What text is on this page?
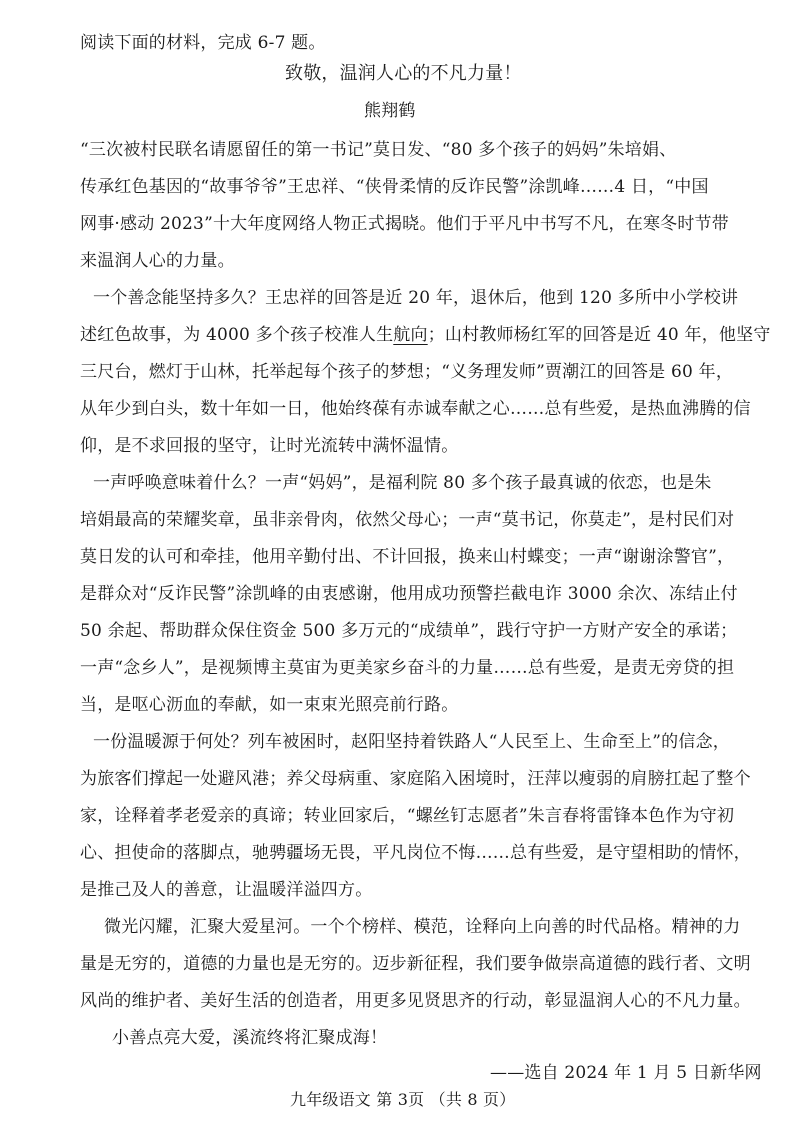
阅读下面的材料，完成 6-7 题。
致敬，温润人心的不凡力量！
熊翔鹤
“三次被村民联名请愿留任的第一书记”莫日发、“80 多个孩子的妈妈”朱培娟、
传承红色基因的“故事爷爷”王忠祥、“侠骨柔情的反诈民警”涂凯峰……4 日，“中国
网事·感动 2023”十大年度网络人物正式揭晓。他们于平凡中书写不凡，在寒冬时节带
来温润人心的力量。
一个善念能坚持多久？王忠祥的回答是近 20 年，退休后，他到 120 多所中小学校讲
述红色故事，为 4000 多个孩子校准人生航向；山村教师杨红军的回答是近 40 年，他坚守
三尺台，燃灯于山林，托举起每个孩子的梦想；“义务理发师”贾潮江的回答是 60 年，
从年少到白头，数十年如一日，他始终葆有赤诚奉献之心……总有些爱，是热血沸腾的信
仰，是不求回报的坚守，让时光流转中满怀温情。
一声呼唤意味着什么？一声“妈妈”，是福利院 80 多个孩子最真诚的依恋，也是朱
培娟最高的荣耀奖章，虽非亲骨肉，依然父母心；一声“莫书记，你莫走”，是村民们对
莫日发的认可和牵挂，他用辛勤付出、不计回报，换来山村蝶变；一声“谢谢涂警官”，
是群众对“反诈民警”涂凯峰的由衷感谢，他用成功预警拦截电诈 3000 余次、冻结止付
50 余起、帮助群众保住资金 500 多万元的“成绩单”，践行守护一方财产安全的承诺；
一声“念乡人”，是视频博主莫宙为更美家乡奋斗的力量……总有些爱，是责无旁贷的担
当，是呕心沥血的奉献，如一束束光照亮前行路。
一份温暖源于何处？列车被困时，赵阳坚持着铁路人“人民至上、生命至上”的信念，
为旅客们撑起一处避风港；养父母病重、家庭陷入困境时，汪萍以瘦弱的肩膀扛起了整个
家，诠释着孝老爱亲的真谛；转业回家后，“螺丝钉志愿者”朱言春将雷锋本色作为守初
心、担使命的落脚点，驰骋疆场无畏，平凡岗位不悔……总有些爱，是守望相助的情怀，
是推己及人的善意，让温暖洋溢四方。
微光闪耀，汇聚大爱星河。一个个榜样、模范，诠释向上向善的时代品格。精神的力
量是无穷的，道德的力量也是无穷的。迈步新征程，我们要争做崇高道德的践行者、文明
风尚的维护者、美好生活的创造者，用更多见贤思齐的行动，彰显温润人心的不凡力量。
小善点亮大爱，溪流终将汇聚成海！
——选自 2024 年 1 月 5 日新华网
九年级语文 第 3页 （共 8 页）
